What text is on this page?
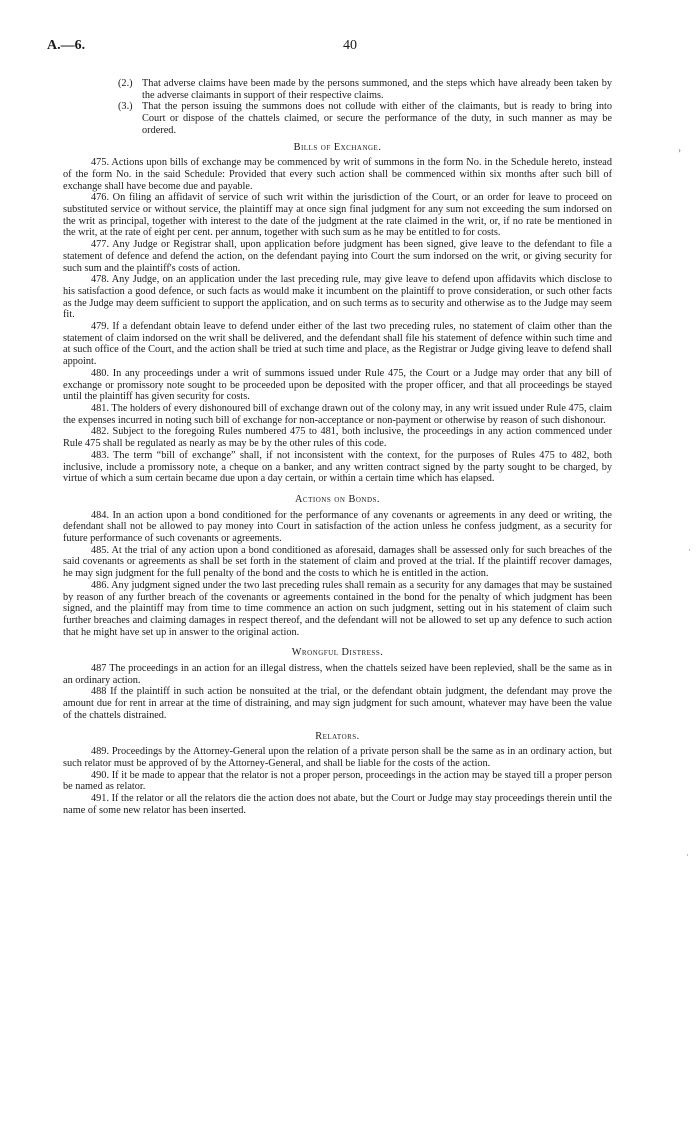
A.—6.	40
›
·
·
(2.) That adverse claims have been made by the persons summoned, and the steps which have already been taken by the adverse claimants in support of their respective claims.
(3.) That the person issuing the summons does not collude with either of the claimants, but is ready to bring into Court or dispose of the chattels claimed, or secure the performance of the duty, in such manner as may be ordered.
Bills of Exchange.

475. Actions upon bills of exchange may be commenced by writ of summons in the form No. in the Schedule hereto, instead of the form No. in the said Schedule: Provided that every such action shall be commenced within six months after such bill of exchange shall have become due and payable.

476. On filing an affidavit of service of such writ within the jurisdiction of the Court, or an order for leave to proceed on substituted service or without service, the plaintiff may at once sign final judgment for any sum not exceeding the sum indorsed on the writ as principal, together with interest to the date of the judgment at the rate claimed in the writ, or, if no rate be mentioned in the writ, at the rate of eight per cent. per annum, together with such sum as he may be entitled to for costs.

477. Any Judge or Registrar shall, upon application before judgment has been signed, give leave to the defendant to file a statement of defence and defend the action, on the defendant paying into Court the sum indorsed on the writ, or giving security for such sum and the plaintiff's costs of action.

478. Any Judge, on an application under the last preceding rule, may give leave to defend upon affidavits which disclose to his satisfaction a good defence, or such facts as would make it incumbent on the plaintiff to prove consideration, or such other facts as the Judge may deem sufficient to support the application, and on such terms as to security and otherwise as to the Judge may seem fit.

479. If a defendant obtain leave to defend under either of the last two preceding rules, no statement of claim other than the statement of claim indorsed on the writ shall be delivered, and the defendant shall file his statement of defence within such time and at such office of the Court, and the action shall be tried at such time and place, as the Registrar or Judge giving leave to defend shall appoint.

480. In any proceedings under a writ of summons issued under Rule 475, the Court or a Judge may order that any bill of exchange or promissory note sought to be proceeded upon be deposited with the proper officer, and that all proceedings be stayed until the plaintiff has given security for costs.

481. The holders of every dishonoured bill of exchange drawn out of the colony may, in any writ issued under Rule 475, claim the expenses incurred in noting such bill of exchange for non-acceptance or non-payment or otherwise by reason of such dishonour.

482. Subject to the foregoing Rules numbered 475 to 481, both inclusive, the proceedings in any action commenced under Rule 475 shall be regulated as nearly as may be by the other rules of this code.

483. The term “bill of exchange” shall, if not inconsistent with the context, for the purposes of Rules 475 to 482, both inclusive, include a promissory note, a cheque on a banker, and any written contract signed by the party sought to be charged, by virtue of which a sum certain became due upon a day certain, or within a certain time which has elapsed.

Actions on Bonds.

484. In an action upon a bond conditioned for the performance of any covenants or agreements in any deed or writing, the defendant shall not be allowed to pay money into Court in satisfaction of the action unless he confess judgment, as a security for future performance of such covenants or agreements.

485. At the trial of any action upon a bond conditioned as aforesaid, damages shall be assessed only for such breaches of the said covenants or agreements as shall be set forth in the statement of claim and proved at the trial. If the plaintiff recover damages, he may sign judgment for the full penalty of the bond and the costs to which he is entitled in the action.

486. Any judgment signed under the two last preceding rules shall remain as a security for any damages that may be sustained by reason of any further breach of the covenants or agreements contained in the bond for the penalty of which judgment has been signed, and the plaintiff may from time to time commence an action on such judgment, setting out in his statement of claim such further breaches and claiming damages in respect thereof, and the defendant will not be allowed to set up any defence to such action that he might have set up in answer to the original action.

Wrongful Distress.

487 The proceedings in an action for an illegal distress, when the chattels seized have been replevied, shall be the same as in an ordinary action.

488 If the plaintiff in such action be nonsuited at the trial, or the defendant obtain judgment, the defendant may prove the amount due for rent in arrear at the time of distraining, and may sign judgment for such amount, whatever may have been the value of the chattels distrained.

Relators.

489. Proceedings by the Attorney-General upon the relation of a private person shall be the same as in an ordinary action, but such relator must be approved of by the Attorney-General, and shall be liable for the costs of the action.

490. If it be made to appear that the relator is not a proper person, proceedings in the action may be stayed till a proper person be named as relator.

491. If the relator or all the relators die the action does not abate, but the Court or Judge may stay proceedings therein until the name of some new relator has been inserted.
